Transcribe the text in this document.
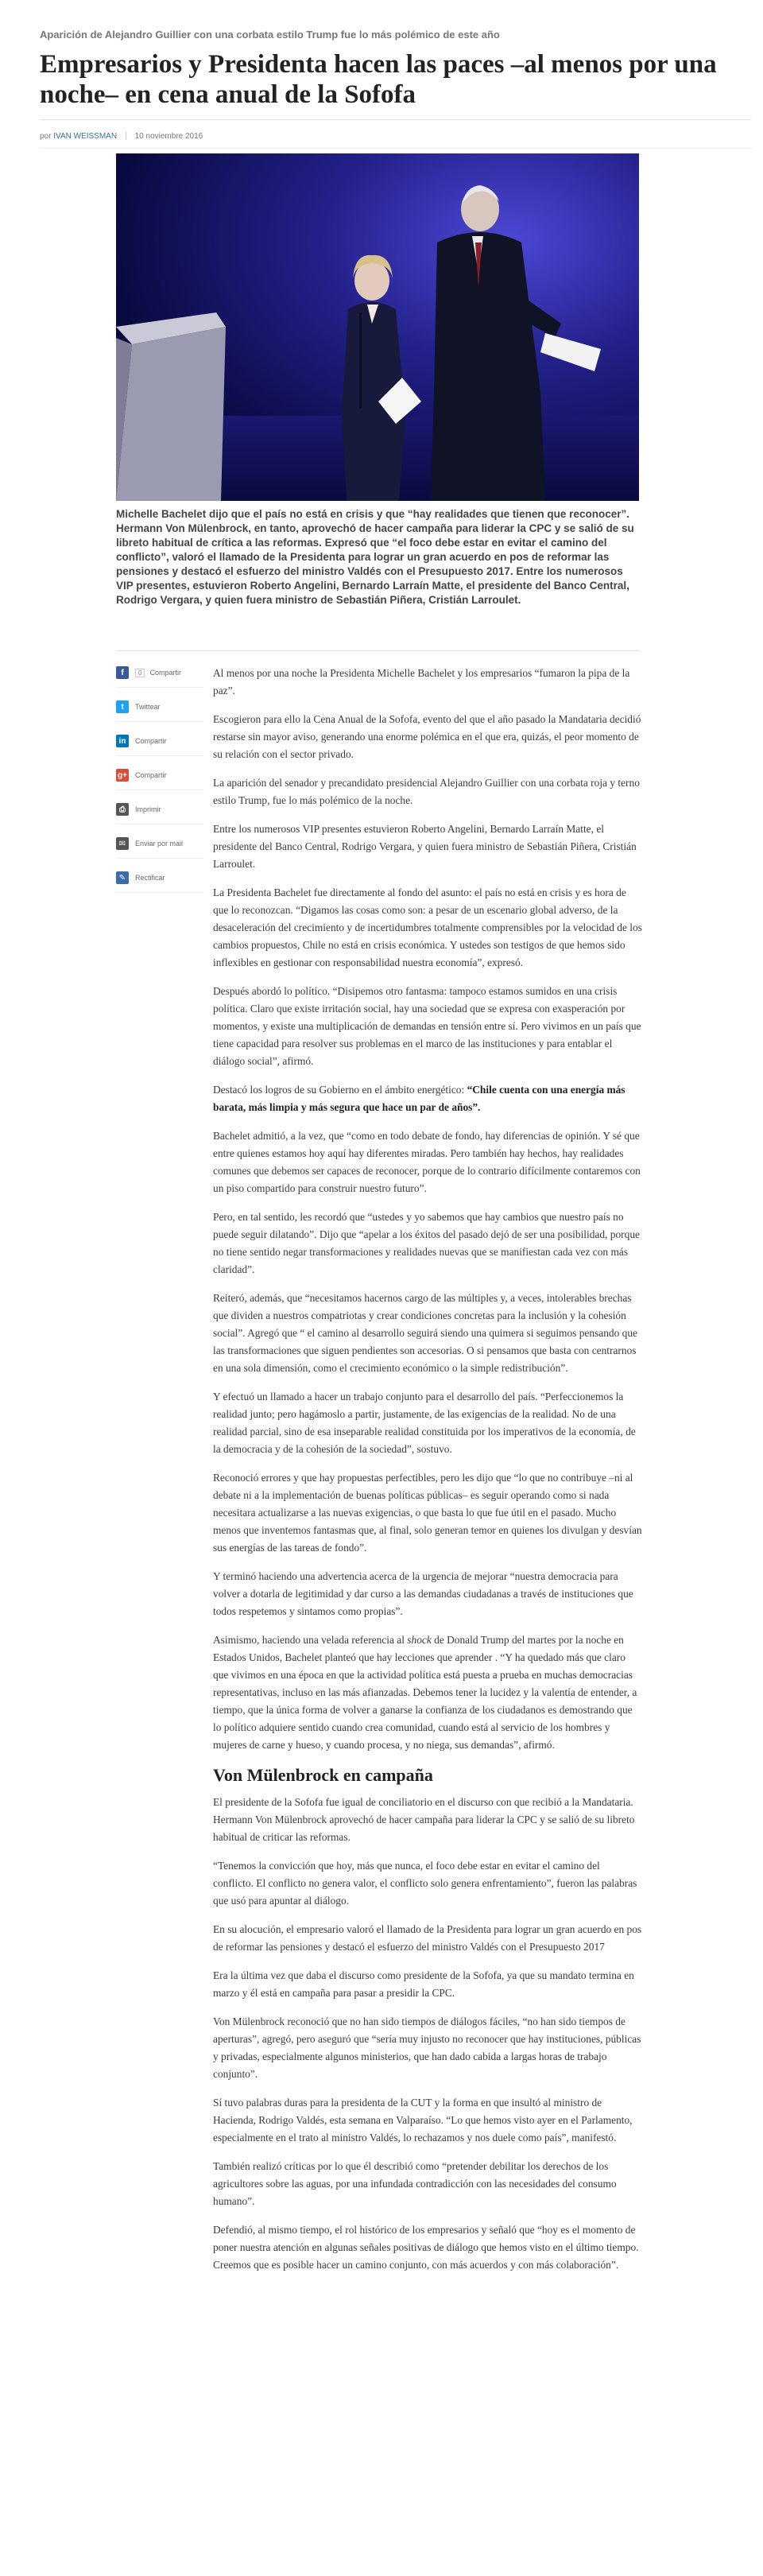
Aparición de Alejandro Guillier con una corbata estilo Trump fue lo más polémico de este año

Empresarios y Presidenta hacen las paces –al menos por una noche– en cena anual de la Sofofa
por IVAN WEISSMAN 10 noviembre 2016

Michelle Bachelet dijo que el país no está en crisis y que “hay realidades que tienen que reconocer”. Hermann Von Mülenbrock, en tanto, aprovechó de hacer campaña para liderar la CPC y se salió de su libreto habitual de crítica a las reformas. Expresó que “el foco debe estar en evitar el camino del conflicto”, valoró el llamado de la Presidenta para lograr un gran acuerdo en pos de reformar las pensiones y destacó el esfuerzo del ministro Valdés con el Presupuesto 2017. Entre los numerosos VIP presentes, estuvieron Roberto Angelini, Bernardo Larraín Matte, el presidente del Banco Central, Rodrigo Vergara, y quien fuera ministro de Sebastián Piñera, Cristián Larroulet.

f	0	Compartir
t	Twittear
in	Compartir
g+ Compartir
⎙	Imprimir
✉	Enviar por mail
✎	Rectificar

Al menos por una noche la Presidenta Michelle Bachelet y los empresarios “fumaron la pipa de la paz”.

Escogieron para ello la Cena Anual de la Sofofa, evento del que el año pasado la Mandataria decidió restarse sin mayor aviso, generando una enorme polémica en el que era, quizás, el peor momento de su relación con el sector privado.

La aparición del senador y precandidato presidencial Alejandro Guillier con una corbata roja y terno estilo Trump, fue lo más polémico de la noche.

Entre los numerosos VIP presentes estuvieron Roberto Angelini, Bernardo Larraín Matte, el presidente del Banco Central, Rodrigo Vergara, y quien fuera ministro de Sebastián Piñera, Cristián Larroulet.

La Presidenta Bachelet fue directamente al fondo del asunto: el país no está en crisis y es hora de que lo reconozcan. “Digamos las cosas como son: a pesar de un escenario global adverso, de la desaceleración del crecimiento y de incertidumbres totalmente comprensibles por la velocidad de los cambios propuestos, Chile no está en crisis económica. Y ustedes son testigos de que hemos sido inflexibles en gestionar con responsabilidad nuestra economía”, expresó.

Después abordó lo político. “Disipemos otro fantasma: tampoco estamos sumidos en una crisis política. Claro que existe irritación social, hay una sociedad que se expresa con exasperación por momentos, y existe una multiplicación de demandas en tensión entre sí. Pero vivimos en un país que tiene capacidad para resolver sus problemas en el marco de las instituciones y para entablar el diálogo social”, afirmó.

Destacó los logros de su Gobierno en el ámbito energético: “Chile cuenta con una energía más barata, más limpia y más segura que hace un par de años”.

Bachelet admitió, a la vez, que “como en todo debate de fondo, hay diferencias de opinión. Y sé que entre quienes estamos hoy aquí hay diferentes miradas. Pero también hay hechos, hay realidades comunes que debemos ser capaces de reconocer, porque de lo contrario difícilmente contaremos con un piso compartido para construir nuestro futuro”.

Pero, en tal sentido, les recordó que “ustedes y yo sabemos que hay cambios que nuestro país no puede seguir dilatando”. Dijo que “apelar a los éxitos del pasado dejó de ser una posibilidad, porque no tiene sentido negar transformaciones y realidades nuevas que se manifiestan cada vez con más claridad”.

Reiteró, además, que “necesitamos hacernos cargo de las múltiples y, a veces, intolerables brechas que dividen a nuestros compatriotas y crear condiciones concretas para la inclusión y la cohesión social”. Agregó que “ el camino al desarrollo seguirá siendo una quimera si seguimos pensando que las transformaciones que siguen pendientes son accesorias. O si pensamos que basta con centrarnos en una sola dimensión, como el crecimiento económico o la simple redistribución”.

Y efectuó un llamado a hacer un trabajo conjunto para el desarrollo del país. “Perfeccionemos la realidad junto; pero hagámoslo a partir, justamente, de las exigencias de la realidad. No de una realidad parcial, sino de esa inseparable realidad constituida por los imperativos de la economía, de la democracia y de la cohesión de la sociedad”, sostuvo.

Reconoció errores y que hay propuestas perfectibles, pero les dijo que “lo que no contribuye –ni al debate ni a la implementación de buenas políticas públicas– es seguir operando como si nada necesitara actualizarse a las nuevas exigencias, o que basta lo que fue útil en el pasado. Mucho menos que inventemos fantasmas que, al final, solo generan temor en quienes los divulgan y desvían sus energías de las tareas de fondo”.

Y terminó haciendo una advertencia acerca de la urgencia de mejorar “nuestra democracia para volver a dotarla de legitimidad y dar curso a las demandas ciudadanas a través de instituciones que todos respetemos y sintamos como propias”.

Asimismo, haciendo una velada referencia al shock de Donald Trump del martes por la noche en Estados Unidos, Bachelet planteó que hay lecciones que aprender . “Y ha quedado más que claro que vivimos en una época en que la actividad política está puesta a prueba en muchas democracias representativas, incluso en las más afianzadas. Debemos tener la lucidez y la valentía de entender, a tiempo, que la única forma de volver a ganarse la confianza de los ciudadanos es demostrando que lo político adquiere sentido cuando crea comunidad, cuando está al servicio de los hombres y mujeres de carne y hueso, y cuando procesa, y no niega, sus demandas”, afirmó.

Von Mülenbrock en campaña

El presidente de la Sofofa fue igual de conciliatorio en el discurso con que recibió a la Mandataria. Hermann Von Mülenbrock aprovechó de hacer campaña para liderar la CPC y se salió de su libreto habitual de criticar las reformas.

“Tenemos la convicción que hoy, más que nunca, el foco debe estar en evitar el camino del conflicto. El conflicto no genera valor, el conflicto solo genera enfrentamiento”, fueron las palabras que usó para apuntar al diálogo.

En su alocución, el empresario valoró el llamado de la Presidenta para lograr un gran acuerdo en pos de reformar las pensiones y destacó el esfuerzo del ministro Valdés con el Presupuesto 2017

Era la última vez que daba el discurso como presidente de la Sofofa, ya que su mandato termina en marzo y él está en campaña para pasar a presidir la CPC.

Von Mülenbrock reconoció que no han sido tiempos de diálogos fáciles, “no han sido tiempos de aperturas”, agregó, pero aseguró que “sería muy injusto no reconocer que hay instituciones, públicas y privadas, especialmente algunos ministerios, que han dado cabida a largas horas de trabajo conjunto”.

Sí tuvo palabras duras para la presidenta de la CUT y la forma en que insultó al ministro de Hacienda, Rodrigo Valdés, esta semana en Valparaíso. “Lo que hemos visto ayer en el Parlamento, especialmente en el trato al ministro Valdés, lo rechazamos y nos duele como país”, manifestó.

También realizó críticas por lo que él describió como “pretender debilitar los derechos de los agricultores sobre las aguas, por una infundada contradicción con las necesidades del consumo humano”.

Defendió, al mismo tiempo, el rol histórico de los empresarios y señaló que “hoy es el momento de poner nuestra atención en algunas señales positivas de diálogo que hemos visto en el último tiempo. Creemos que es posible hacer un camino conjunto, con más acuerdos y con más colaboración”.
